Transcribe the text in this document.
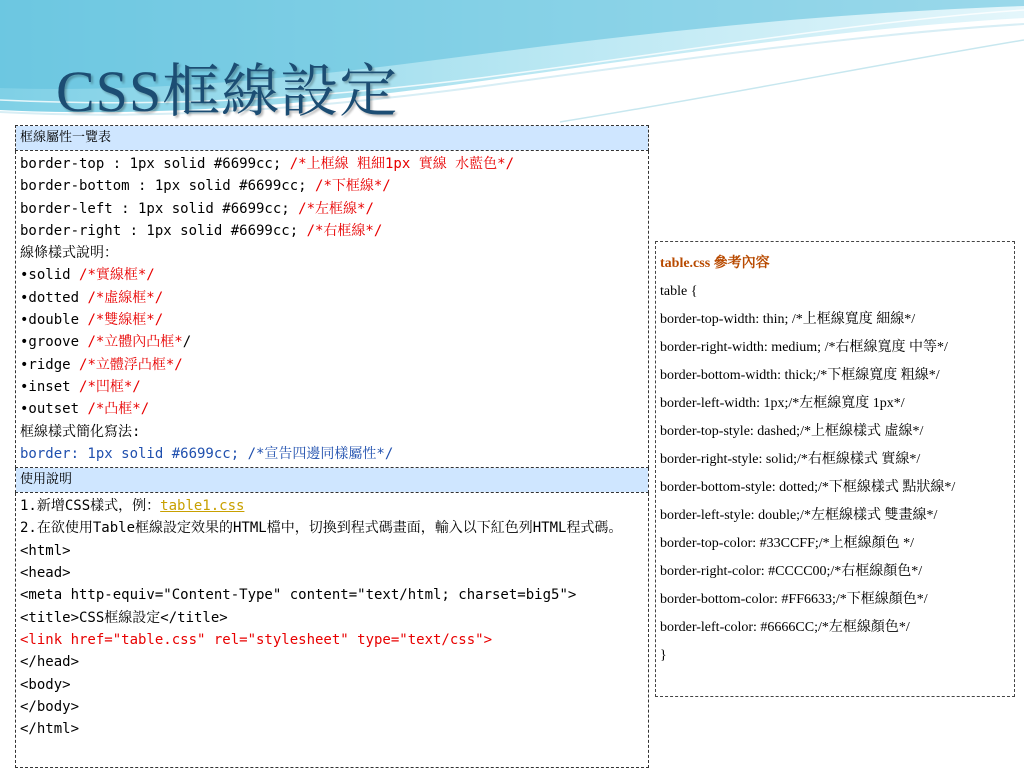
CSS框線設定
框線屬性一覽表

border-top : 1px solid #6699cc; /*上框線 粗細1px 實線 水藍色*/
border-bottom : 1px solid #6699cc; /*下框線*/
border-left : 1px solid #6699cc; /*左框線*/
border-right : 1px solid #6699cc; /*右框線*/
線條樣式說明：
•solid /*實線框*/
•dotted /*虛線框*/
•double /*雙線框*/
•groove /*立體內凸框*/
•ridge /*立體浮凸框*/
•inset /*凹框*/
•outset /*凸框*/
框線樣式簡化寫法:
border: 1px solid #6699cc; /*宣告四邊同樣屬性*/

使用說明

1.新增CSS樣式，例：table1.css
2.在欲使用Table框線設定效果的HTML檔中，切換到程式碼畫面，輸入以下紅色列HTML程式碼。
<html>
<head>
<meta http-equiv="Content-Type" content="text/html; charset=big5">
<title>CSS框線設定</title>
<link href="table.css" rel="stylesheet" type="text/css">
</head>
<body>
</body>
</html>
table.css 參考內容
table {
border-top-width: thin; /*上框線寬度 細線*/
border-right-width: medium; /*右框線寬度 中等*/
border-bottom-width: thick;/*下框線寬度 粗線*/
border-left-width: 1px;/*左框線寬度 1px*/
border-top-style: dashed;/*上框線樣式 虛線*/
border-right-style: solid;/*右框線樣式 實線*/
border-bottom-style: dotted;/*下框線樣式 點狀線*/
border-left-style: double;/*左框線樣式 雙畫線*/
border-top-color: #33CCFF;/*上框線顏色 */
border-right-color: #CCCC00;/*右框線顏色*/
border-bottom-color: #FF6633;/*下框線顏色*/
border-left-color: #6666CC;/*左框線顏色*/
}
